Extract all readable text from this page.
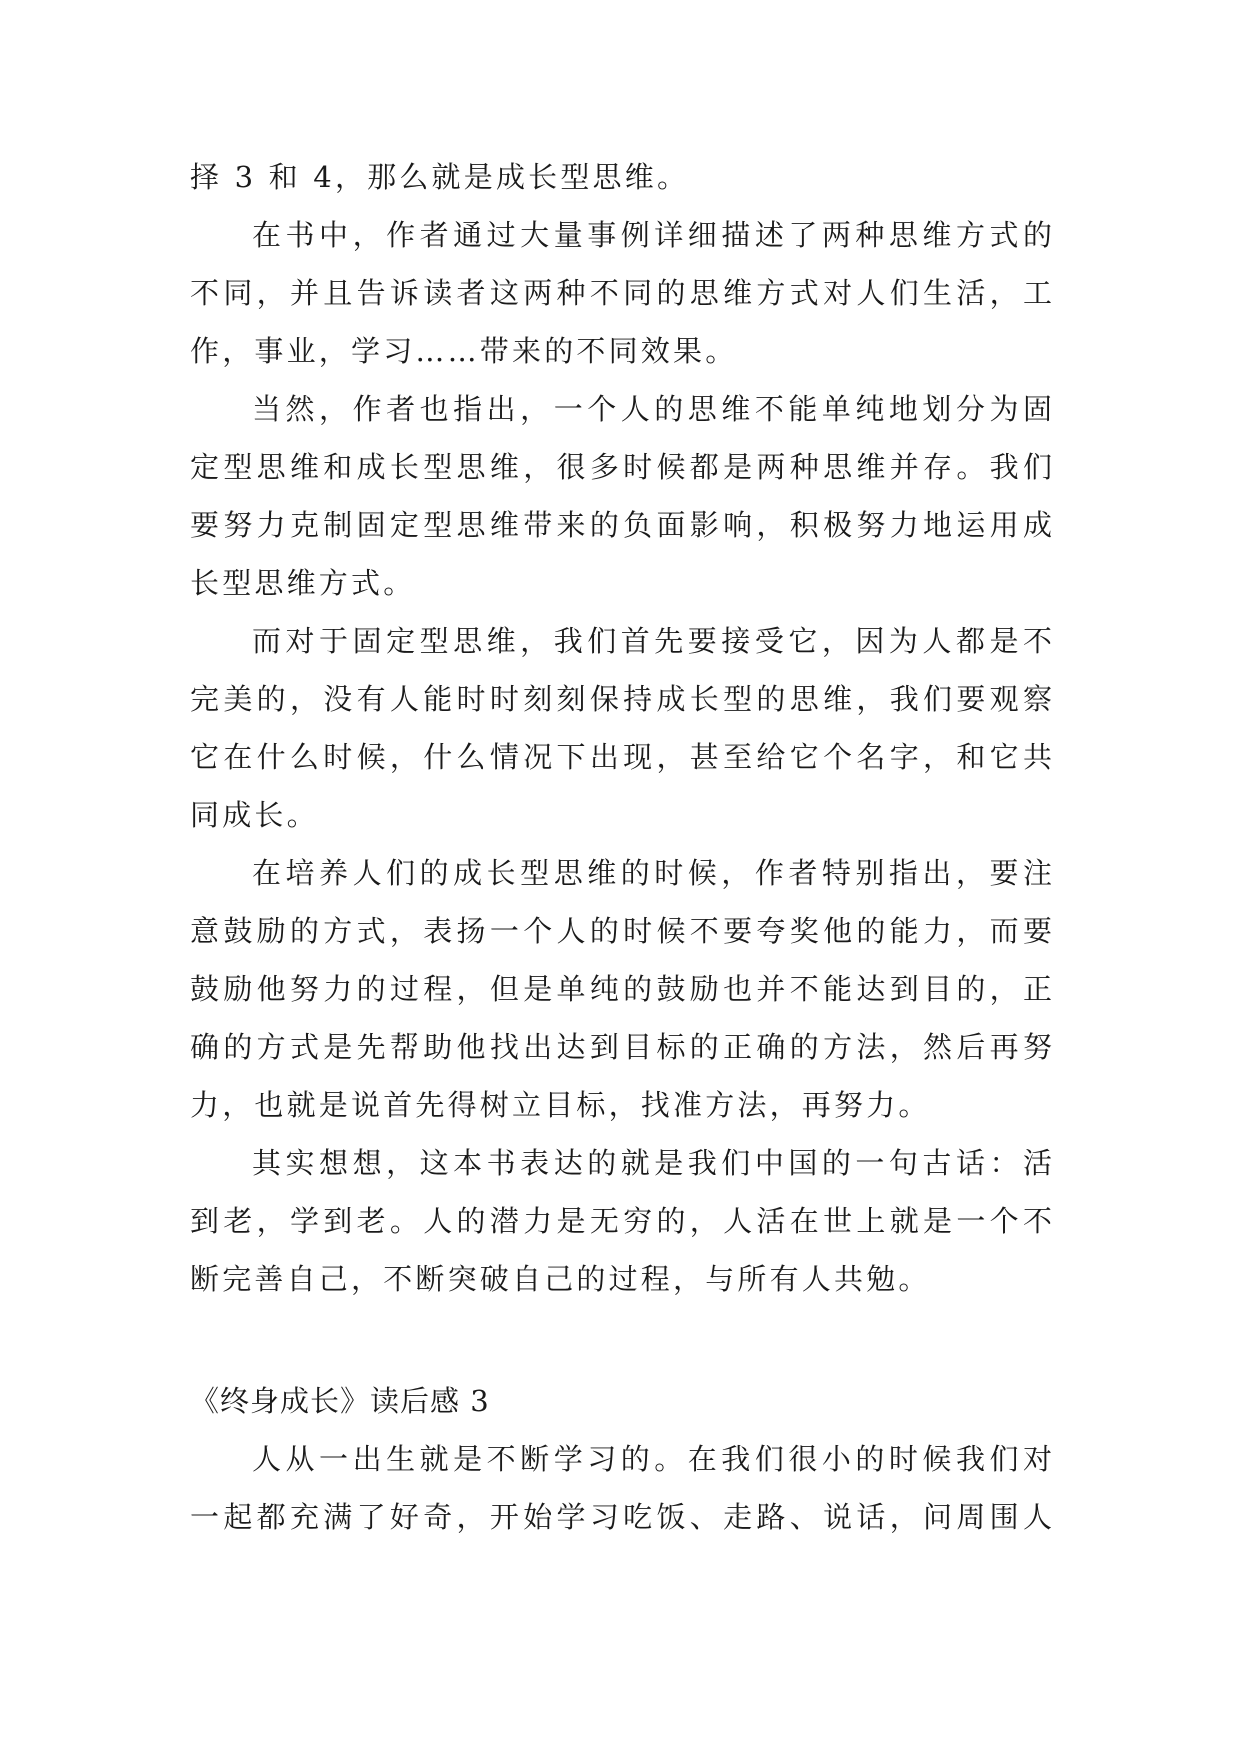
择 3 和 4，那么就是成长型思维。
在书中，作者通过大量事例详细描述了两种思维方式的
不同，并且告诉读者这两种不同的思维方式对人们生活，工
作，事业，学习……带来的不同效果。
当然，作者也指出，一个人的思维不能单纯地划分为固
定型思维和成长型思维，很多时候都是两种思维并存。我们
要努力克制固定型思维带来的负面影响，积极努力地运用成
长型思维方式。
而对于固定型思维，我们首先要接受它，因为人都是不
完美的，没有人能时时刻刻保持成长型的思维，我们要观察
它在什么时候，什么情况下出现，甚至给它个名字，和它共
同成长。
在培养人们的成长型思维的时候，作者特别指出，要注
意鼓励的方式，表扬一个人的时候不要夸奖他的能力，而要
鼓励他努力的过程，但是单纯的鼓励也并不能达到目的，正
确的方式是先帮助他找出达到目标的正确的方法，然后再努
力，也就是说首先得树立目标，找准方法，再努力。
其实想想，这本书表达的就是我们中国的一句古话：活
到老，学到老。人的潜力是无穷的，人活在世上就是一个不
断完善自己，不断突破自己的过程，与所有人共勉。
《终身成长》读后感 3
人从一出生就是不断学习的。在我们很小的时候我们对
一起都充满了好奇，开始学习吃饭、走路、说话，问周围人
